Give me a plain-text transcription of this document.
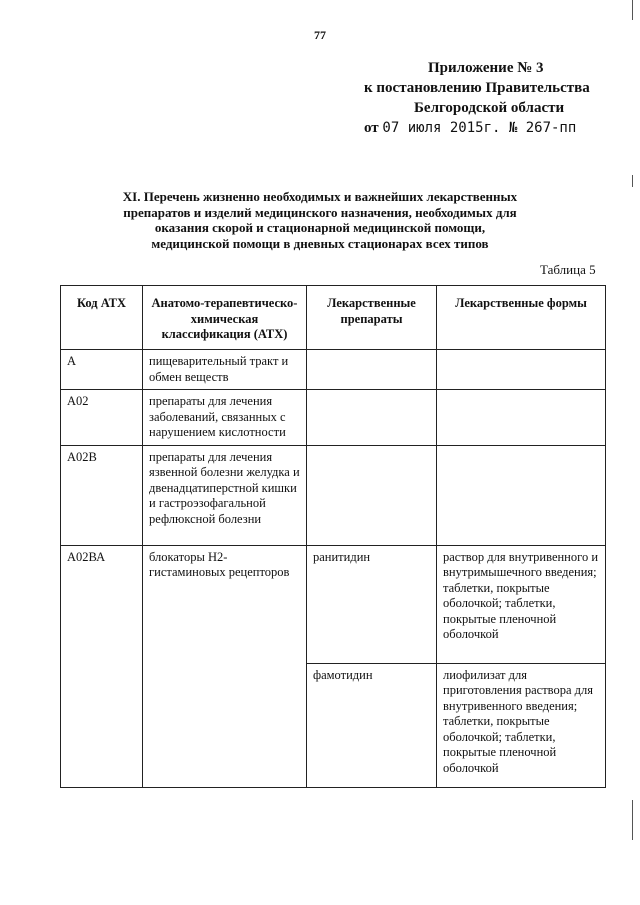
77
Приложение № 3
к постановлению Правительства
Белгородской области
от 07 июля 2015г. № 267-пп
XI. Перечень жизненно необходимых и важнейших лекарственных препаратов и изделий медицинского назначения, необходимых для оказания скорой и стационарной медицинской помощи, медицинской помощи в дневных стационарах всех типов
Таблица 5
Код АТХ	Анатомо-терапевтическо-химическая классификация (АТХ)	Лекарственные препараты	Лекарственные формы
А	пищеварительный тракт и обмен веществ		
А02	препараты для лечения заболеваний, связанных с нарушением кислотности		
А02В	препараты для лечения язвенной болезни желудка и двенадцатиперстной кишки и гастроэзофагальной рефлюксной болезни		
А02ВА	блокаторы Н2-гистаминовых рецепторов	ранитидин	раствор для внутривенного и внутримышечного введения; таблетки, покрытые оболочкой; таблетки, покрытые пленочной оболочкой
		фамотидин	лиофилизат для приготовления раствора для внутривенного введения; таблетки, покрытые оболочкой; таблетки, покрытые пленочной оболочкой
